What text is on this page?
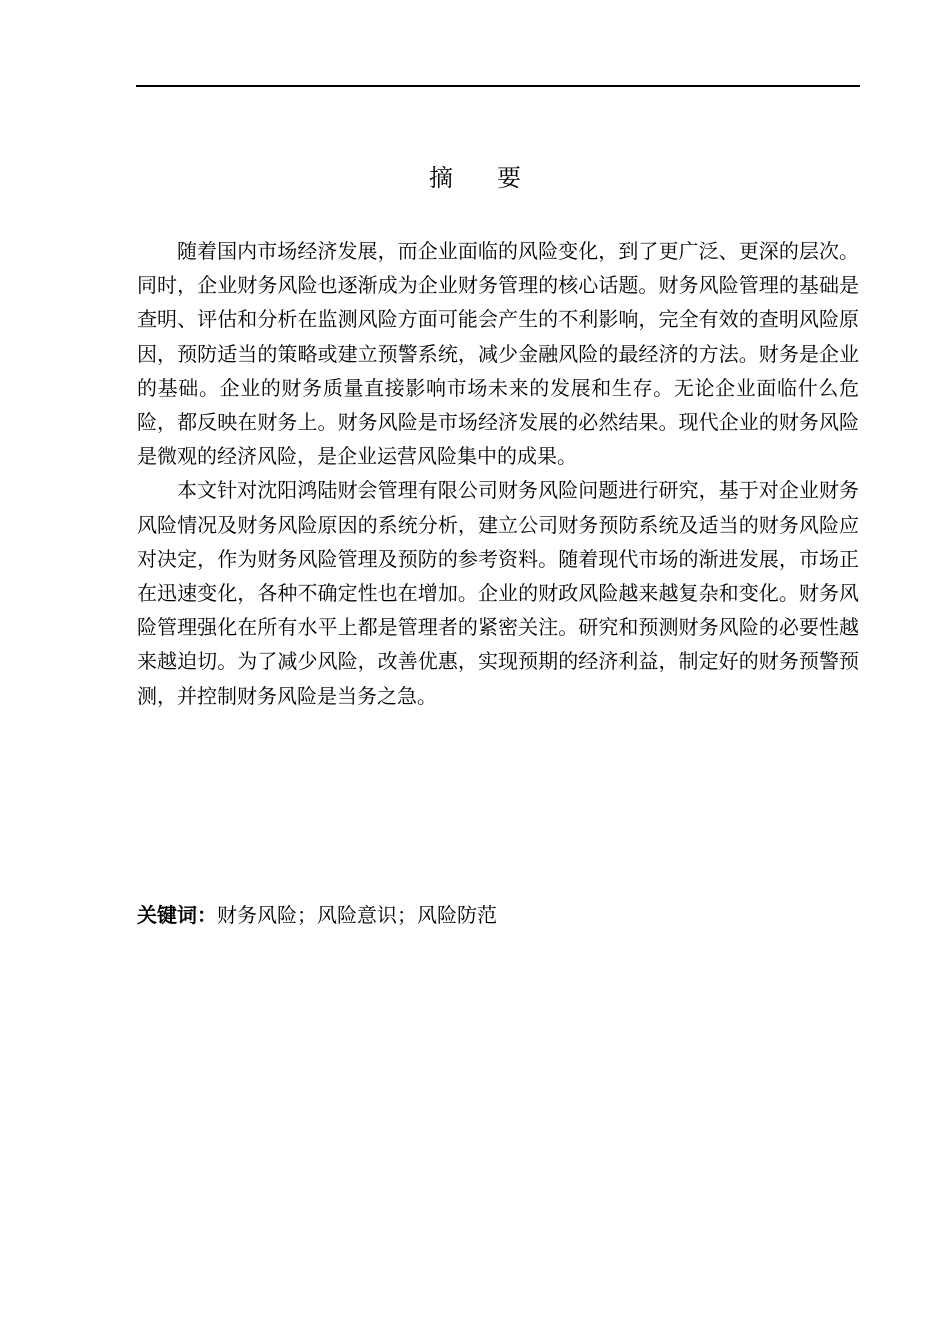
摘要

随着国内市场经济发展，而企业面临的风险变化，到了更广泛、更深的层次。同时，企业财务风险也逐渐成为企业财务管理的核心话题。财务风险管理的基础是查明、评估和分析在监测风险方面可能会产生的不利影响，完全有效的查明风险原因，预防适当的策略或建立预警系统，减少金融风险的最经济的方法。财务是企业的基础。企业的财务质量直接影响市场未来的发展和生存。无论企业面临什么危险，都反映在财务上。财务风险是市场经济发展的必然结果。现代企业的财务风险是微观的经济风险，是企业运营风险集中的成果。

本文针对沈阳鸿陆财会管理有限公司财务风险问题进行研究，基于对企业财务风险情况及财务风险原因的系统分析，建立公司财务预防系统及适当的财务风险应对决定，作为财务风险管理及预防的参考资料。随着现代市场的渐进发展，市场正在迅速变化，各种不确定性也在增加。企业的财政风险越来越复杂和变化。财务风险管理强化在所有水平上都是管理者的紧密关注。研究和预测财务风险的必要性越来越迫切。为了减少风险，改善优惠，实现预期的经济利益，制定好的财务预警预测，并控制财务风险是当务之急。

关键词：财务风险；风险意识；风险防范
